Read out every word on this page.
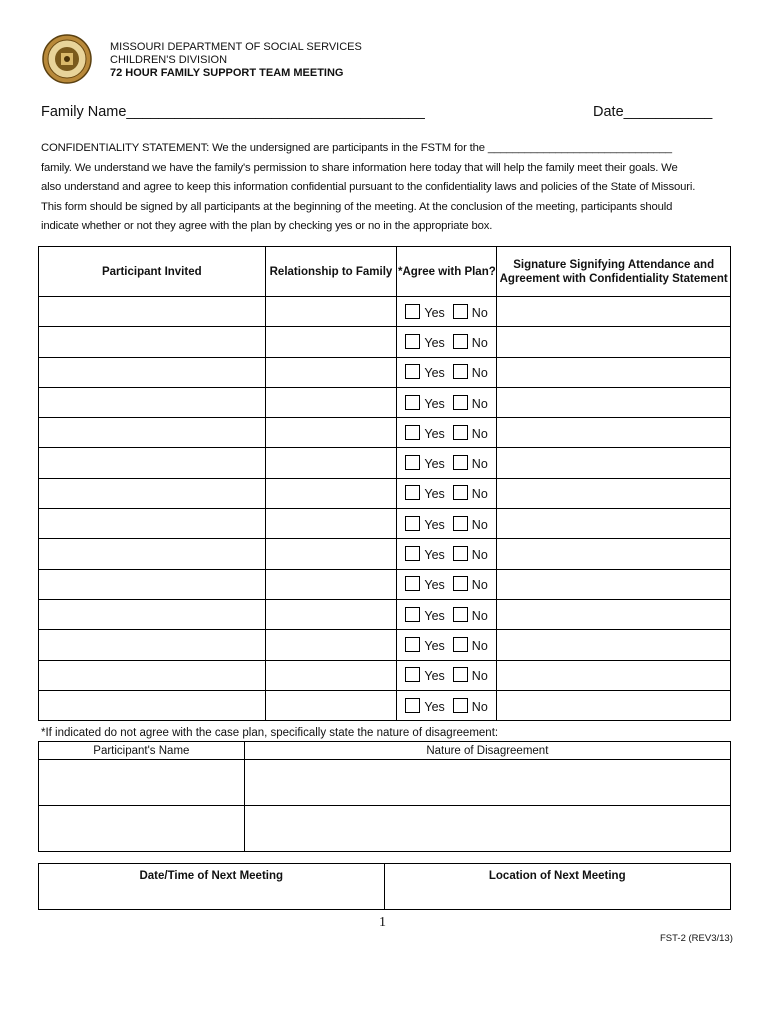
MISSOURI DEPARTMENT OF SOCIAL SERVICES
CHILDREN'S DIVISION
72 HOUR FAMILY SUPPORT TEAM MEETING
Family Name_____________________________________	Date___________
CONFIDENTIALITY STATEMENT: We the undersigned are participants in the FSTM for the ______________________________
family. We understand we have the family's permission to share information here today that will help the family meet their goals. We
also understand and agree to keep this information confidential pursuant to the confidentiality laws and policies of the State of Missouri.
This form should be signed by all participants at the beginning of the meeting. At the conclusion of the meeting, participants should
indicate whether or not they agree with the plan by checking yes or no in the appropriate box.
Participant Invited	Relationship to Family	*Agree with Plan?	Signature Signifying Attendance and Agreement with Confidentiality Statement
		Yes No	
		Yes No	
		Yes No	
		Yes No	
		Yes No	
		Yes No	
		Yes No	
		Yes No	
		Yes No	
		Yes No	
		Yes No	
		Yes No	
		Yes No	
		Yes No	
*If indicated do not agree with the case plan, specifically state the nature of disagreement:
Participant's Name	Nature of Disagreement

Date/Time of Next Meeting	Location of Next Meeting
1
FST-2 (REV3/13)
